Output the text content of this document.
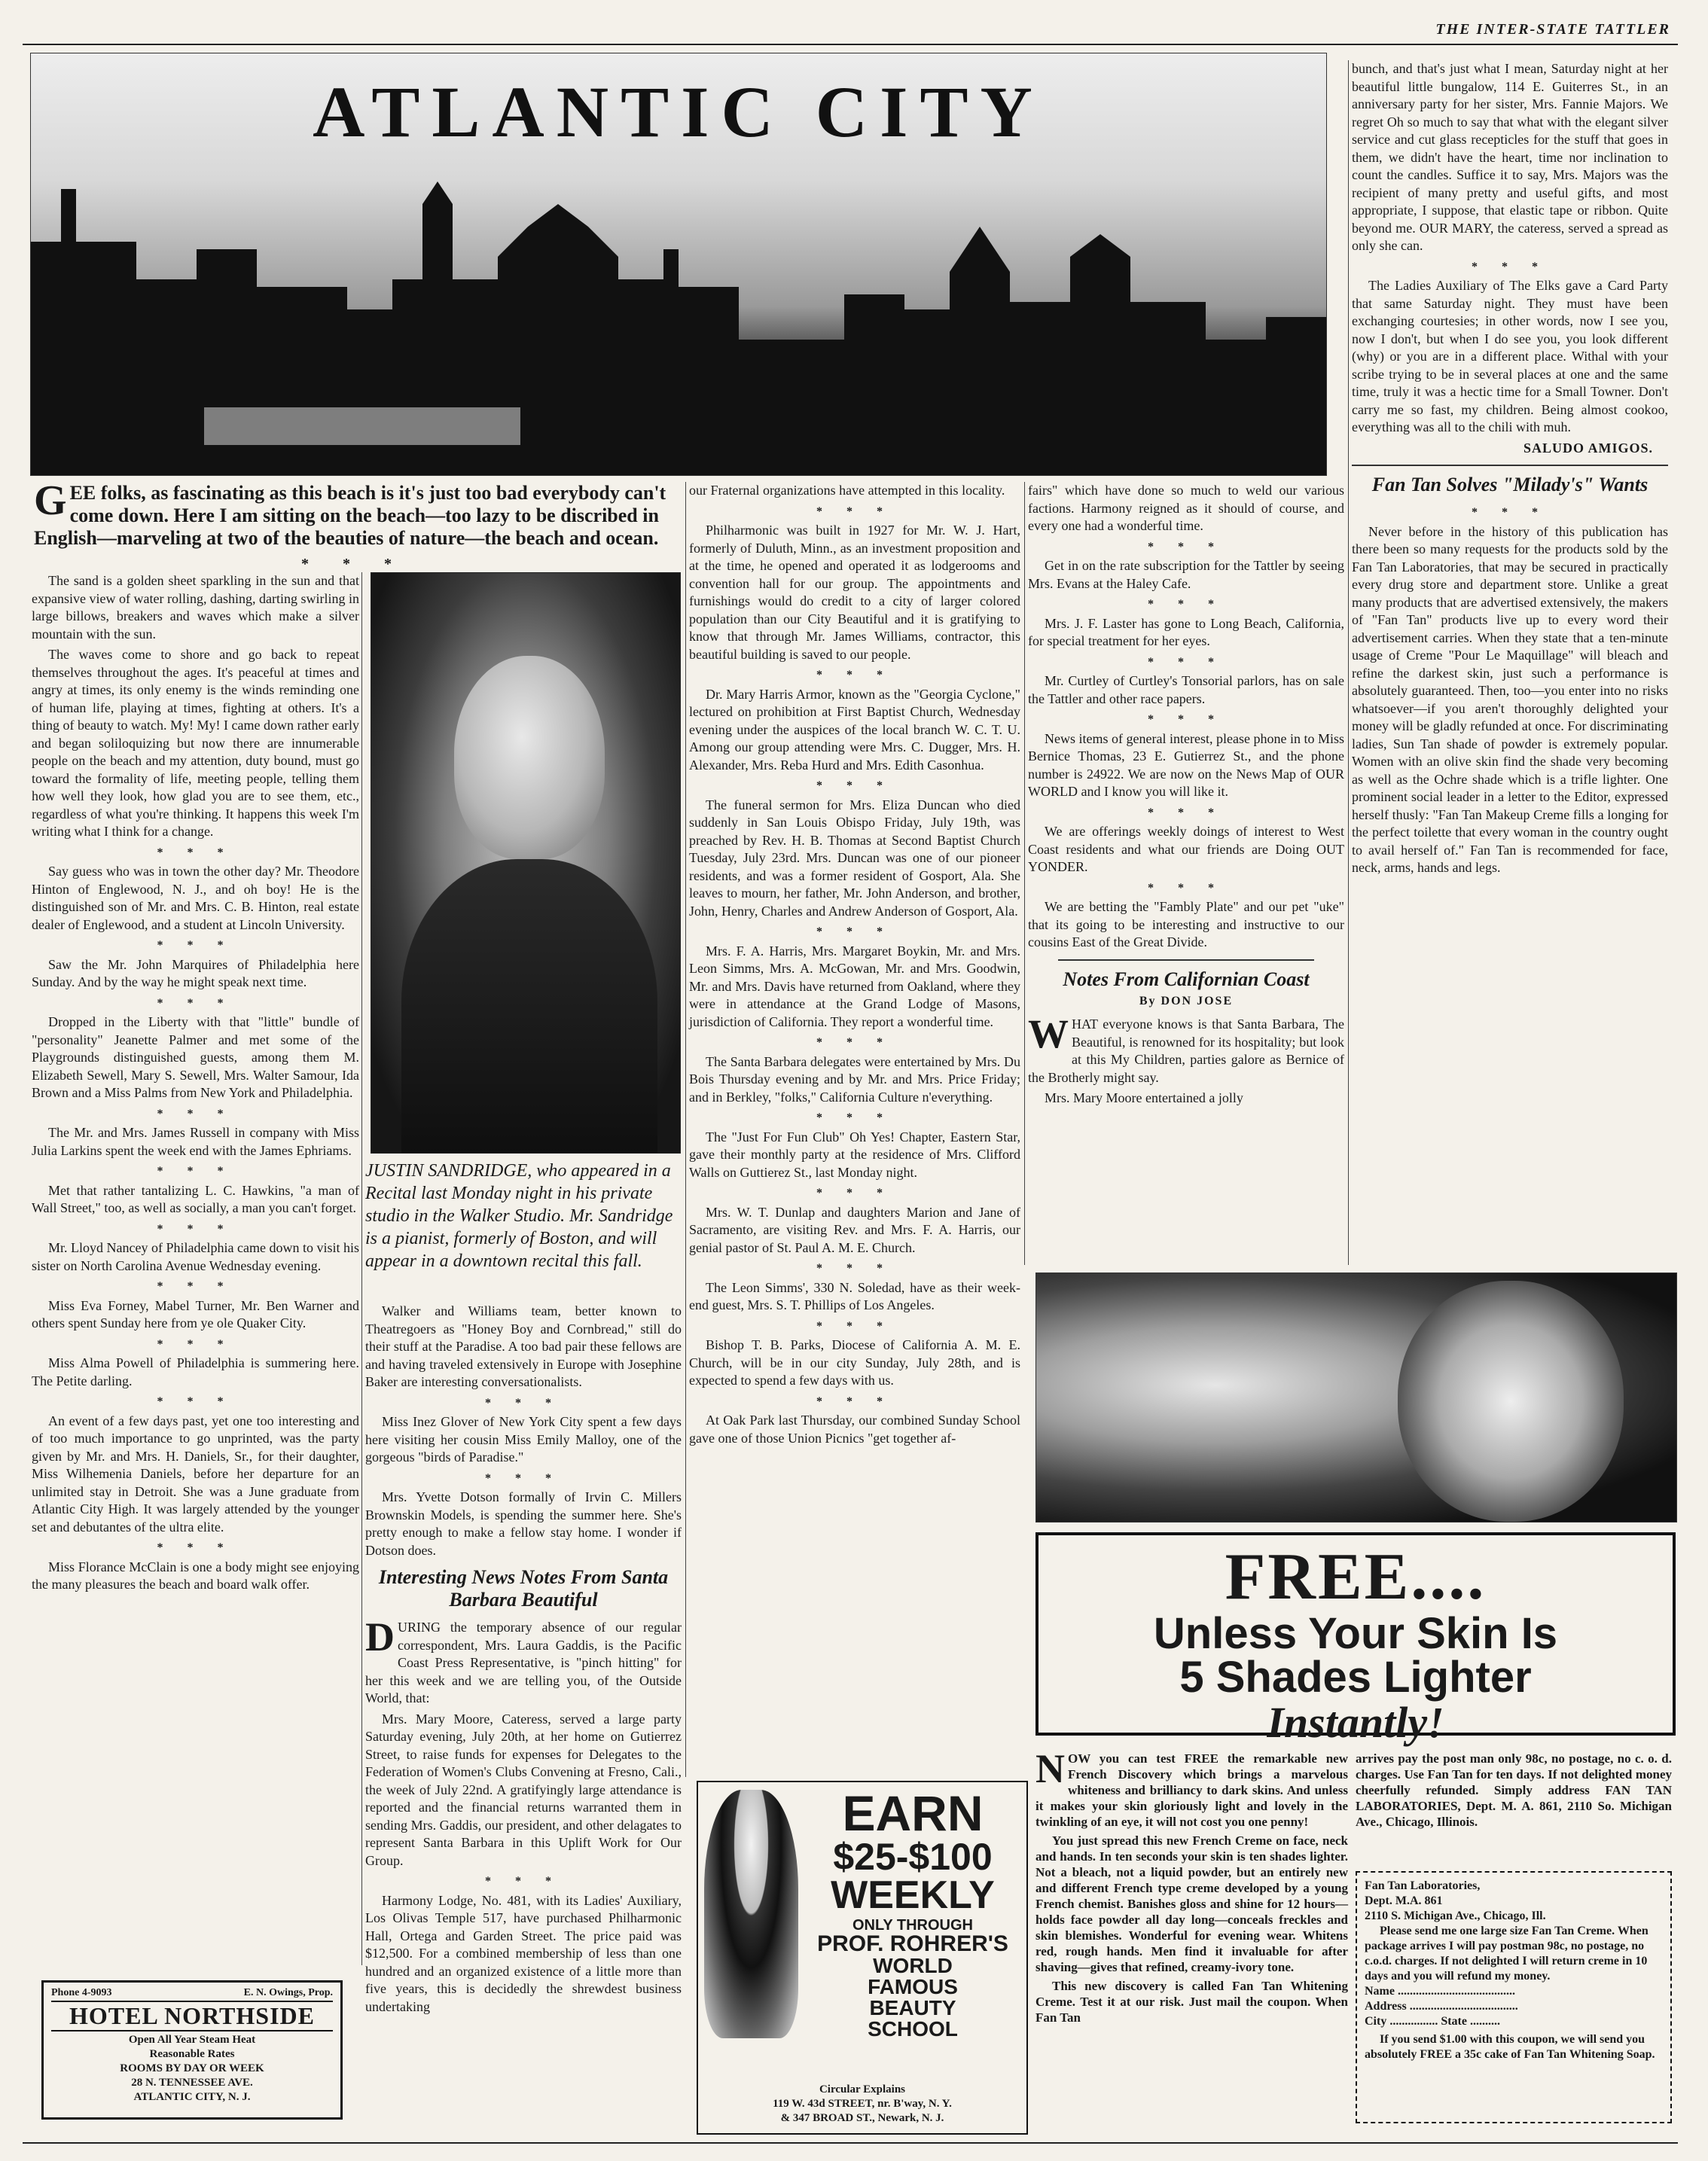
THE INTER-STATE TATTLER
ATLANTIC CITY
GEE folks, as fascinating as this beach is it's just too bad everybody can't come down. Here I am sitting on the beach—too lazy to be discribed in English—marveling at two of the beauties of nature—the beach and ocean.
* * *

The sand is a golden sheet sparkling in the sun and that expansive view of water rolling, dashing, darting swirling in large billows, breakers and waves which make a silver mountain with the sun.

The waves come to shore and go back to repeat themselves throughout the ages. It's peaceful at times and angry at times, its only enemy is the winds reminding one of human life, playing at times, fighting at others. It's a thing of beauty to watch. My! My! I came down rather early and began soliloquizing but now there are innumerable people on the beach and my attention, duty bound, must go toward the formality of life, meeting people, telling them how well they look, how glad you are to see them, etc., regardless of what you're thinking. It happens this week I'm writing what I think for a change.

* * *

Say guess who was in town the other day? Mr. Theodore Hinton of Englewood, N. J., and oh boy! He is the distinguished son of Mr. and Mrs. C. B. Hinton, real estate dealer of Englewood, and a student at Lincoln University.

* * *

Saw the Mr. John Marquires of Philadelphia here Sunday. And by the way he might speak next time.

* * *

Dropped in the Liberty with that "little" bundle of "personality" Jeanette Palmer and met some of the Playgrounds distinguished guests, among them M. Elizabeth Sewell, Mary S. Sewell, Mrs. Walter Samour, Ida Brown and a Miss Palms from New York and Philadelphia.

* * *

The Mr. and Mrs. James Russell in company with Miss Julia Larkins spent the week end with the James Ephriams.

* * *

Met that rather tantalizing L. C. Hawkins, "a man of Wall Street," too, as well as socially, a man you can't forget.

* * *

Mr. Lloyd Nancey of Philadelphia came down to visit his sister on North Carolina Avenue Wednesday evening.

* * *

Miss Eva Forney, Mabel Turner, Mr. Ben Warner and others spent Sunday here from ye ole Quaker City.

* * *

Miss Alma Powell of Philadelphia is summering here. The Petite darling.

* * *

An event of a few days past, yet one too interesting and of too much importance to go unprinted, was the party given by Mr. and Mrs. H. Daniels, Sr., for their daughter, Miss Wilhemenia Daniels, before her departure for an unlimited stay in Detroit. She was a June graduate from Atlantic City High. It was largely attended by the younger set and debutantes of the ultra elite.

* * *

Miss Florance McClain is one a body might see enjoying the many pleasures the beach and board walk offer.

JUSTIN SANDRIDGE, who appeared in a Recital last Monday night in his private studio in the Walker Studio. Mr. Sandridge is a pianist, formerly of Boston, and will appear in a downtown recital this fall.

Walker and Williams team, better known to Theatregoers as "Honey Boy and Cornbread," still do their stuff at the Paradise. A too bad pair these fellows are and having traveled extensively in Europe with Josephine Baker are interesting conversationalists.

* * *

Miss Inez Glover of New York City spent a few days here visiting her cousin Miss Emily Malloy, one of the gorgeous "birds of Paradise."

* * *

Mrs. Yvette Dotson formally of Irvin C. Millers Brownskin Models, is spending the summer here. She's pretty enough to make a fellow stay home. I wonder if Dotson does.

Interesting News Notes From Santa Barbara Beautiful

DURING the temporary absence of our regular correspondent, Mrs. Laura Gaddis, is the Pacific Coast Press Representative, is "pinch hitting" for her this week and we are telling you, of the Outside World, that:

Mrs. Mary Moore, Cateress, served a large party Saturday evening, July 20th, at her home on Gutierrez Street, to raise funds for expenses for Delegates to the Federation of Women's Clubs Convening at Fresno, Cali., the week of July 22nd. A gratifyingly large attendance is reported and the financial returns warranted them in sending Mrs. Gaddis, our president, and other delagates to represent Santa Barbara in this Uplift Work for Our Group.

* * *

Harmony Lodge, No. 481, with its Ladies' Auxiliary, Los Olivas Temple 517, have purchased Philharmonic Hall, Ortega and Garden Street. The price paid was $12,500. For a combined membership of less than one hundred and an organized existence of a little more than five years, this is decidedly the shrewdest business undertaking

our Fraternal organizations have attempted in this locality.

* * *

Philharmonic was built in 1927 for Mr. W. J. Hart, formerly of Duluth, Minn., as an investment proposition and at the time, he opened and operated it as lodgerooms and convention hall for our group. The appointments and furnishings would do credit to a city of larger colored population than our City Beautiful and it is gratifying to know that through Mr. James Williams, contractor, this beautiful building is saved to our people.

* * *

Dr. Mary Harris Armor, known as the "Georgia Cyclone," lectured on prohibition at First Baptist Church, Wednesday evening under the auspices of the local branch W. C. T. U. Among our group attending were Mrs. C. Dugger, Mrs. H. Alexander, Mrs. Reba Hurd and Mrs. Edith Casonhua.

* * *

The funeral sermon for Mrs. Eliza Duncan who died suddenly in San Louis Obispo Friday, July 19th, was preached by Rev. H. B. Thomas at Second Baptist Church Tuesday, July 23rd. Mrs. Duncan was one of our pioneer residents, and was a former resident of Gosport, Ala. She leaves to mourn, her father, Mr. John Anderson, and brother, John, Henry, Charles and Andrew Anderson of Gosport, Ala.

* * *

Mrs. F. A. Harris, Mrs. Margaret Boykin, Mr. and Mrs. Leon Simms, Mrs. A. McGowan, Mr. and Mrs. Goodwin, Mr. and Mrs. Davis have returned from Oakland, where they were in attendance at the Grand Lodge of Masons, jurisdiction of California. They report a wonderful time.

* * *

The Santa Barbara delegates were entertained by Mrs. Du Bois Thursday evening and by Mr. and Mrs. Price Friday; and in Berkley, "folks," California Culture n'everything.

* * *

The "Just For Fun Club" Oh Yes! Chapter, Eastern Star, gave their monthly party at the residence of Mrs. Clifford Walls on Guttierez St., last Monday night.

* * *

Mrs. W. T. Dunlap and daughters Marion and Jane of Sacramento, are visiting Rev. and Mrs. F. A. Harris, our genial pastor of St. Paul A. M. E. Church.

* * *

The Leon Simms', 330 N. Soledad, have as their week-end guest, Mrs. S. T. Phillips of Los Angeles.

* * *

Bishop T. B. Parks, Diocese of California A. M. E. Church, will be in our city Sunday, July 28th, and is expected to spend a few days with us.

* * *

At Oak Park last Thursday, our combined Sunday School gave one of those Union Picnics "get together af-

fairs" which have done so much to weld our various factions. Harmony reigned as it should of course, and every one had a wonderful time.

* * *

Get in on the rate subscription for the Tattler by seeing Mrs. Evans at the Haley Cafe.

* * *

Mrs. J. F. Laster has gone to Long Beach, California, for special treatment for her eyes.

* * *

Mr. Curtley of Curtley's Tonsorial parlors, has on sale the Tattler and other race papers.

* * *

News items of general interest, please phone in to Miss Bernice Thomas, 23 E. Gutierrez St., and the phone number is 24922. We are now on the News Map of OUR WORLD and I know you will like it.

* * *

We are offerings weekly doings of interest to West Coast residents and what our friends are Doing OUT YONDER.

* * *

We are betting the "Fambly Plate" and our pet "uke" that its going to be interesting and instructive to our cousins East of the Great Divide.

Notes From Californian Coast
By DON JOSE

WHAT everyone knows is that Santa Barbara, The Beautiful, is renowned for its hospitality; but look at this My Children, parties galore as Bernice of the Brotherly might say.

Mrs. Mary Moore entertained a jolly

bunch, and that's just what I mean, Saturday night at her beautiful little bungalow, 114 E. Guiterres St., in an anniversary party for her sister, Mrs. Fannie Majors. We regret Oh so much to say that what with the elegant silver service and cut glass recepticles for the stuff that goes in them, we didn't have the heart, time nor inclination to count the candles. Suffice it to say, Mrs. Majors was the recipient of many pretty and useful gifts, and most appropriate, I suppose, that elastic tape or ribbon. Quite beyond me. OUR MARY, the cateress, served a spread as only she can.

* * *

The Ladies Auxiliary of The Elks gave a Card Party that same Saturday night. They must have been exchanging courtesies; in other words, now I see you, now I don't, but when I do see you, you look different (why) or you are in a different place. Withal with your scribe trying to be in several places at one and the same time, truly it was a hectic time for a Small Towner. Don't carry me so fast, my children. Being almost cookoo, everything was all to the chili with muh.

SALUDO AMIGOS.
Fan Tan Solves "Milady's" Wants
* * *

Never before in the history of this publication has there been so many requests for the products sold by the Fan Tan Laboratories, that may be secured in practically every drug store and department store. Unlike a great many products that are advertised extensively, the makers of "Fan Tan" products live up to every word their advertisement carries. When they state that a ten-minute usage of Creme "Pour Le Maquillage" will bleach and refine the darkest skin, just such a performance is absolutely guaranteed. Then, too—you enter into no risks whatsoever—if you aren't thoroughly delighted your money will be gladly refunded at once. For discriminating ladies, Sun Tan shade of powder is extremely popular. Women with an olive skin find the shade very becoming as well as the Ochre shade which is a trifle lighter. One prominent social leader in a letter to the Editor, expressed herself thusly: "Fan Tan Makeup Creme fills a longing for the perfect toilette that every woman in the country ought to avail herself of." Fan Tan is recommended for face, neck, arms, hands and legs.

Phone 4-9093	E. N. Owings, Prop.
HOTEL NORTHSIDE
Open All Year Steam Heat
Reasonable Rates
ROOMS BY DAY OR WEEK
28 N. TENNESSEE AVE.
ATLANTIC CITY, N. J.
EARN
$25-$100
WEEKLY
ONLY THROUGH
PROF. ROHRER'S
WORLD
FAMOUS
BEAUTY
SCHOOL
Circular Explains
119 W. 43d STREET, nr. B'way, N. Y.
& 347 BROAD ST., Newark, N. J.
FREE....
Unless Your Skin Is
5 Shades Lighter
Instantly!

NOW you can test FREE the remarkable new French Discovery which brings a marvelous whiteness and brilliancy to dark skins. And unless it makes your skin gloriously light and lovely in the twinkling of an eye, it will not cost you one penny!

You just spread this new French Creme on face, neck and hands. In ten seconds your skin is ten shades lighter. Not a bleach, not a liquid powder, but an entirely new and different French type creme developed by a young French chemist. Banishes gloss and shine for 12 hours—holds face powder all day long—conceals freckles and skin blemishes. Wonderful for evening wear. Whitens red, rough hands. Men find it invaluable for after shaving—gives that refined, creamy-ivory tone.

This new discovery is called Fan Tan Whitening Creme. Test it at our risk. Just mail the coupon. When Fan Tan

arrives pay the post man only 98c, no postage, no c. o. d. charges. Use Fan Tan for ten days. If not delighted money cheerfully refunded. Simply address FAN TAN LABORATORIES, Dept. M. A. 861, 2110 So. Michigan Ave., Chicago, Illinois.

Fan Tan Laboratories,
Dept. M.A. 861
2110 S. Michigan Ave., Chicago, Ill.
Please send me one large size Fan Tan Creme. When package arrives I will pay postman 98c, no postage, no c.o.d. charges. If not delighted I will return creme in 10 days and you will refund my money.
Name .......................................
Address ....................................
City ................ State ..........
If you send $1.00 with this coupon, we will send you absolutely FREE a 35c cake of Fan Tan Whitening Soap.
